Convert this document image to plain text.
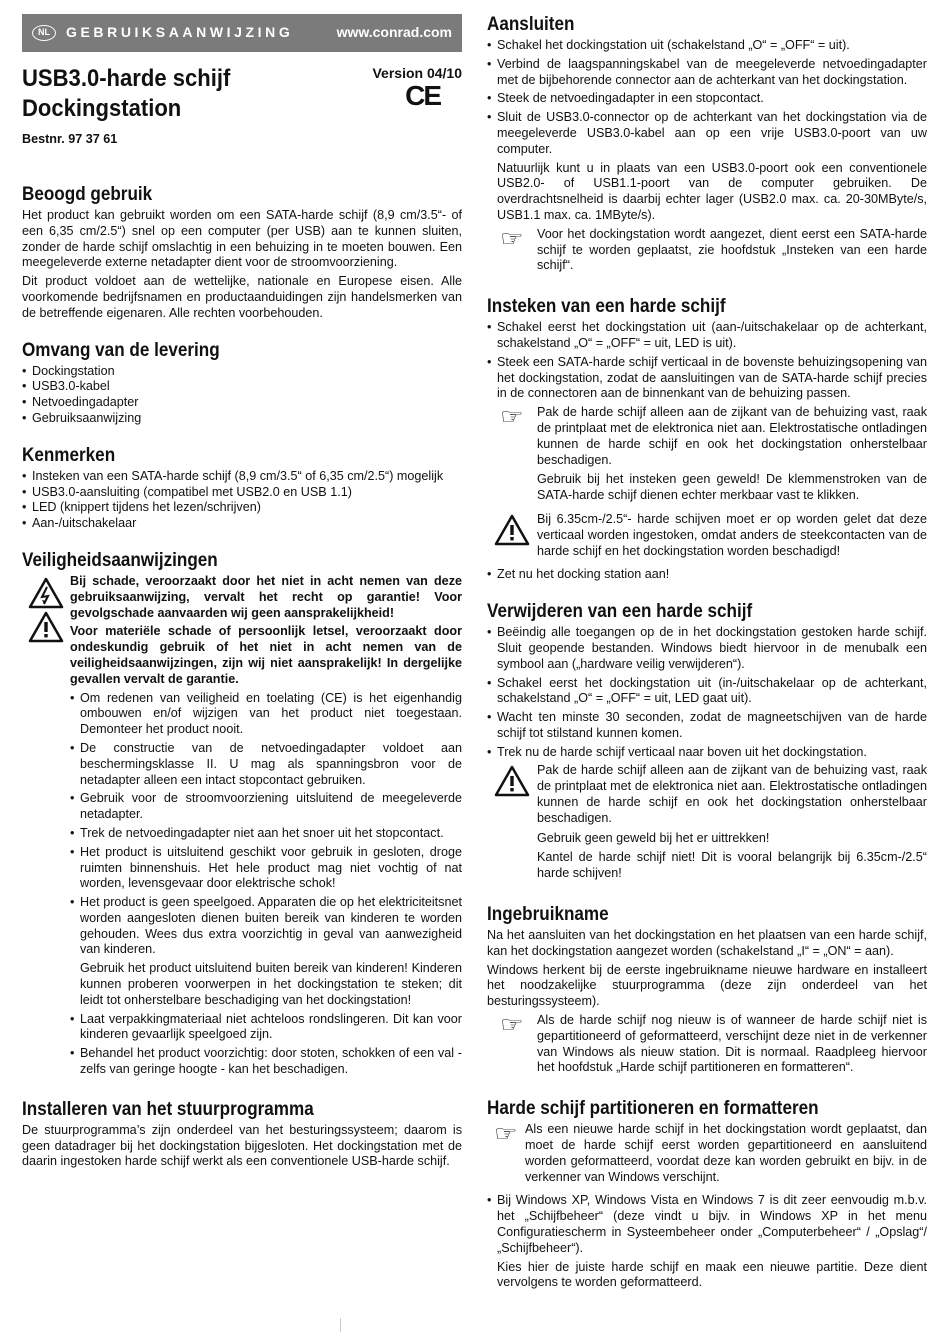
NL	GEBRUIKSAANWIJZING	www.conrad.com
USB3.0-harde schijf
Dockingstation
Bestnr. 97 37 61
Version 04/10
CE
Beoogd gebruik

Het product kan gebruikt worden om een SATA-harde schijf (8,9 cm/3.5“- of een 6,35 cm/2.5“) snel op een computer (per USB) aan te kunnen sluiten, zonder de harde schijf omslachtig in een behuizing in te moeten bouwen. Een meegeleverde externe netadapter dient voor de stroomvoorziening.

Dit product voldoet aan de wettelijke, nationale en Europese eisen. Alle voorkomende bedrijfsnamen en productaanduidingen zijn handelsmerken van de betreffende eigenaren. Alle rechten voorbehouden.

Omvang van de levering
• Dockingstation
• USB3.0-kabel
• Netvoedingadapter
• Gebruiksaanwijzing
Kenmerken
• Insteken van een SATA-harde schijf (8,9 cm/3.5“ of 6,35 cm/2.5“) mogelijk
• USB3.0-aansluiting (compatibel met USB2.0 en USB 1.1)
• LED (knippert tijdens het lezen/schrijven)
• Aan-/uitschakelaar
Veiligheidsaanwijzingen

Bij schade, veroorzaakt door het niet in acht nemen van deze gebruiksaanwijzing, vervalt het recht op garantie! Voor gevolgschade aanvaarden wij geen aansprakelijkheid!

Voor materiële schade of persoonlijk letsel, veroorzaakt door ondeskundig gebruik of het niet in acht nemen van de veiligheidsaanwijzingen, zijn wij niet aansprakelijk! In dergelijke gevallen vervalt de garantie.

• Om redenen van veiligheid en toelating (CE) is het eigenhandig ombouwen en/of wijzigen van het product niet toegestaan. Demonteer het product nooit.
• De constructie van de netvoedingadapter voldoet aan beschermingsklasse II. U mag als spanningsbron voor de netadapter alleen een intact stopcontact gebruiken.
• Gebruik voor de stroomvoorziening uitsluitend de meegeleverde netadapter.
• Trek de netvoedingadapter niet aan het snoer uit het stopcontact.
• Het product is uitsluitend geschikt voor gebruik in gesloten, droge ruimten binnenshuis. Het hele product mag niet vochtig of nat worden, levensgevaar door elektrische schok!
• Het product is geen speelgoed. Apparaten die op het elektriciteitsnet worden aangesloten dienen buiten bereik van kinderen te worden gehouden. Wees dus extra voorzichtig in geval van aanwezigheid van kinderen.

Gebruik het product uitsluitend buiten bereik van kinderen! Kinderen kunnen proberen voorwerpen in het dockingstation te steken; dit leidt tot onherstelbare beschadiging van het dockingstation!

• Laat verpakkingmateriaal niet achteloos rondslingeren. Dit kan voor kinderen gevaarlijk speelgoed zijn.
• Behandel het product voorzichtig: door stoten, schokken of een val - zelfs van geringe hoogte - kan het beschadigen.
Installeren van het stuurprogramma

De stuurprogramma’s zijn onderdeel van het besturingssysteem; daarom is geen datadrager bij het dockingstation bijgesloten. Het dockingstation met de daarin ingestoken harde schijf werkt als een conventionele USB-harde schijf.

Aansluiten
• Schakel het dockingstation uit (schakelstand „O“ = „OFF“ = uit).
• Verbind de laagspanningskabel van de meegeleverde netvoedingadapter met de bijbehorende connector aan de achterkant van het dockingstation.
• Steek de netvoedingadapter in een stopcontact.
• Sluit de USB3.0-connector op de achterkant van het dockingstation via de meegeleverde USB3.0-kabel aan op een vrije USB3.0-poort van uw computer.

Natuurlijk kunt u in plaats van een USB3.0-poort ook een conventionele USB2.0- of USB1.1-poort van de computer gebruiken. De overdrachtsnelheid is daarbij echter lager (USB2.0 max. ca. 20-30MByte/s, USB1.1 max. ca. 1MByte/s).

☞ Voor het dockingstation wordt aangezet, dient eerst een SATA-harde schijf te worden geplaatst, zie hoofdstuk „Insteken van een harde schijf“.

Insteken van een harde schijf
• Schakel eerst het dockingstation uit (aan-/uitschakelaar op de achterkant, schakelstand „O“ = „OFF“ = uit, LED is uit).
• Steek een SATA-harde schijf verticaal in de bovenste behuizingsopening van het dockingstation, zodat de aansluitingen van de SATA-harde schijf precies in de connectoren aan de binnenkant van de behuizing passen.
☞ Pak de harde schijf alleen aan de zijkant van de behuizing vast, raak de printplaat met de elektronica niet aan. Elektrostatische ontladingen kunnen de harde schijf en ook het dockingstation onherstelbaar beschadigen.

Gebruik bij het insteken geen geweld! De klemmenstroken van de SATA-harde schijf dienen echter merkbaar vast te klikken.

Bij 6.35cm-/2.5“- harde schijven moet er op worden gelet dat deze verticaal worden ingestoken, omdat anders de steekcontacten van de harde schijf en het dockingstation worden beschadigd!

• Zet nu het docking station aan!
Verwijderen van een harde schijf
• Beëindig alle toegangen op de in het dockingstation gestoken harde schijf. Sluit geopende bestanden. Windows biedt hiervoor in de menubalk een symbool aan („hardware veilig verwijderen“).
• Schakel eerst het dockingstation uit (in-/uitschakelaar op de achterkant, schakelstand „O“ = „OFF“ = uit, LED gaat uit).
• Wacht ten minste 30 seconden, zodat de magneetschijven van de harde schijf tot stilstand kunnen komen.
• Trek nu de harde schijf verticaal naar boven uit het dockingstation.

Pak de harde schijf alleen aan de zijkant van de behuizing vast, raak de printplaat met de elektronica niet aan. Elektrostatische ontladingen kunnen de harde schijf en ook het dockingstation onherstelbaar beschadigen.

Gebruik geen geweld bij het er uittrekken!

Kantel de harde schijf niet! Dit is vooral belangrijk bij 6.35cm-/2.5“ harde schijven!

Ingebruikname

Na het aansluiten van het dockingstation en het plaatsen van een harde schijf, kan het dockingstation aangezet worden (schakelstand „I“ = „ON“ = aan).

Windows herkent bij de eerste ingebruikname nieuwe hardware en installeert het noodzakelijke stuurprogramma (deze zijn onderdeel van het besturingssysteem).

☞ Als de harde schijf nog nieuw is of wanneer de harde schijf niet is gepartitioneerd of geformatteerd, verschijnt deze niet in de verkenner van Windows als nieuw station. Dit is normaal. Raadpleeg hiervoor het hoofdstuk „Harde schijf partitioneren en formatteren“.

Harde schijf partitioneren en formatteren
☞ Als een nieuwe harde schijf in het dockingstation wordt geplaatst, dan moet de harde schijf eerst worden gepartitioneerd en aansluitend worden geformatteerd, voordat deze kan worden gebruikt en bijv. in de verkenner van Windows verschijnt.

• Bij Windows XP, Windows Vista en Windows 7 is dit zeer eenvoudig m.b.v. het „Schijfbeheer“ (deze vindt u bijv. in Windows XP in het menu Configuratiescherm in Systeembeheer onder „Computerbeheer“ / „Opslag“/ „Schijfbeheer“).

Kies hier de juiste harde schijf en maak een nieuwe partitie. Deze dient vervolgens te worden geformatteerd.
